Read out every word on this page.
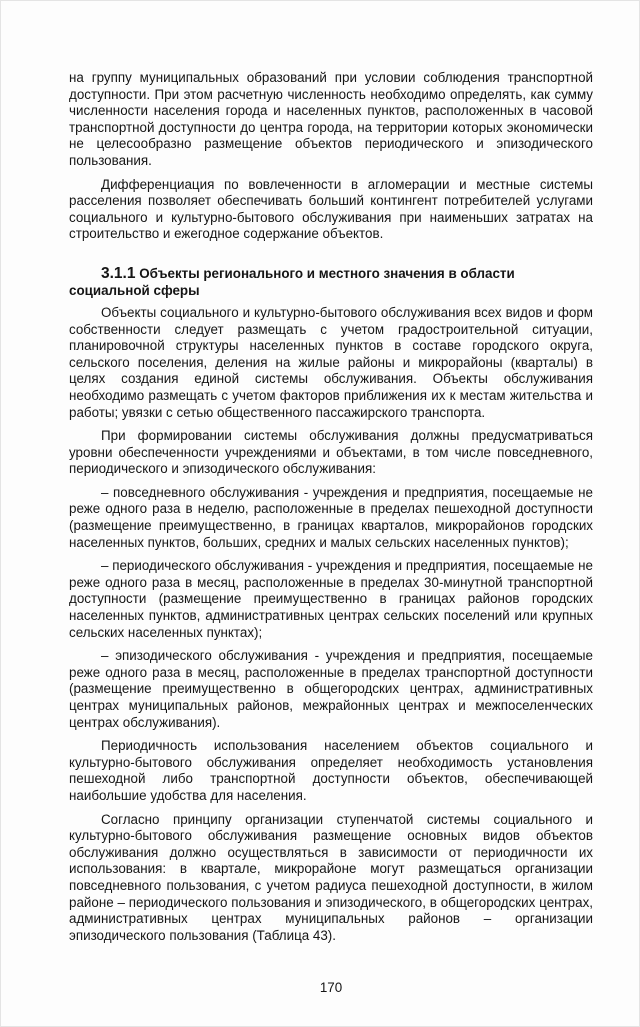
на группу муниципальных образований при условии соблюдения транспортной доступности. При этом расчетную численность необходимо определять, как сумму численности населения города и населенных пунктов, расположенных в часовой транспортной доступности до центра города, на территории которых экономически не целесообразно размещение объектов периодического и эпизодического пользования.

Дифференциация по вовлеченности в агломерации и местные системы расселения позволяет обеспечивать больший контингент потребителей услугами социального и культурно-бытового обслуживания при наименьших затратах на строительство и ежегодное содержание объектов.

3.1.1 Объекты регионального и местного значения в области социальной сферы

Объекты социального и культурно-бытового обслуживания всех видов и форм собственности следует размещать с учетом градостроительной ситуации, планировочной структуры населенных пунктов в составе городского округа, сельского поселения, деления на жилые районы и микрорайоны (кварталы) в целях создания единой системы обслуживания. Объекты обслуживания необходимо размещать с учетом факторов приближения их к местам жительства и работы; увязки с сетью общественного пассажирского транспорта.

При формировании системы обслуживания должны предусматриваться уровни обеспеченности учреждениями и объектами, в том числе повседневного, периодического и эпизодического обслуживания:

– повседневного обслуживания - учреждения и предприятия, посещаемые не реже одного раза в неделю, расположенные в пределах пешеходной доступности (размещение преимущественно, в границах кварталов, микрорайонов городских населенных пунктов, больших, средних и малых сельских населенных пунктов);

– периодического обслуживания - учреждения и предприятия, посещаемые не реже одного раза в месяц, расположенные в пределах 30-минутной транспортной доступности (размещение преимущественно в границах районов городских населенных пунктов, административных центрах сельских поселений или крупных сельских населенных пунктах);

– эпизодического обслуживания - учреждения и предприятия, посещаемые реже одного раза в месяц, расположенные в пределах транспортной доступности (размещение преимущественно в общегородских центрах, административных центрах муниципальных районов, межрайонных центрах и межпоселенческих центрах обслуживания).

Периодичность использования населением объектов социального и культурно-бытового обслуживания определяет необходимость установления пешеходной либо транспортной доступности объектов, обеспечивающей наибольшие удобства для населения.

Согласно принципу организации ступенчатой системы социального и культурно-бытового обслуживания размещение основных видов объектов обслуживания должно осуществляться в зависимости от периодичности их использования: в квартале, микрорайоне могут размещаться организации повседневного пользования, с учетом радиуса пешеходной доступности, в жилом районе – периодического пользования и эпизодического, в общегородских центрах, административных центрах муниципальных районов – организации эпизодического пользования (Таблица 43).

170
